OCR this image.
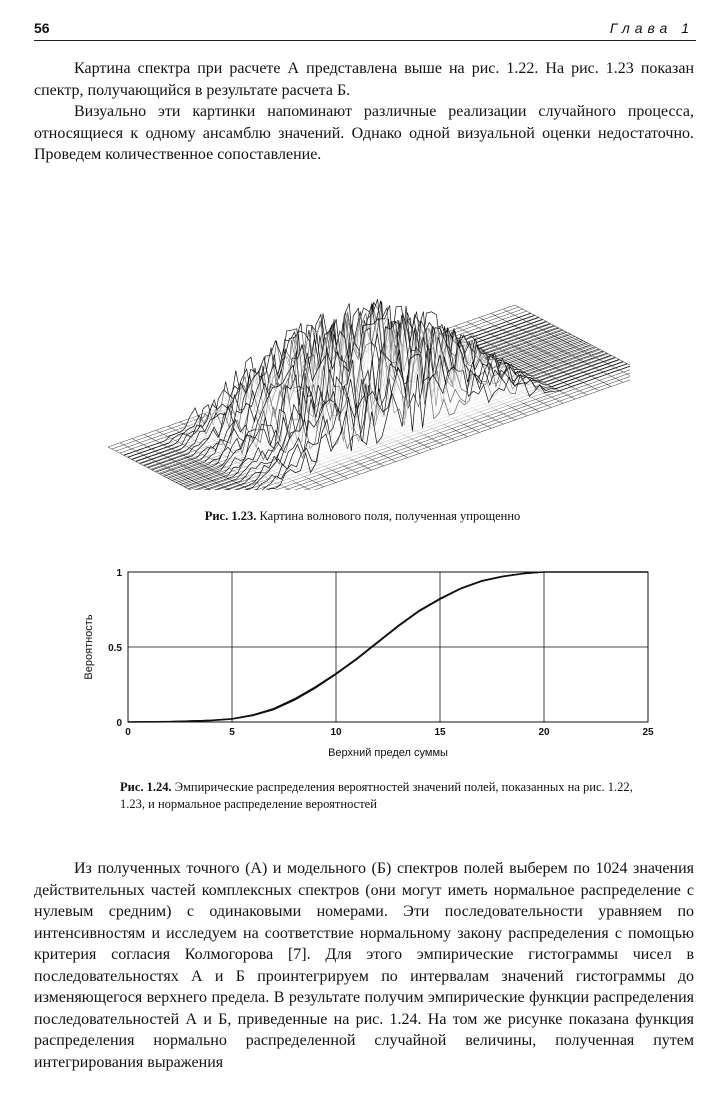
56	Глава 1

Картина спектра при расчете А представлена выше на рис. 1.22. На рис. 1.23 показан спектр, получающийся в результате расчета Б.

Визуально эти картинки напоминают различные реализации случайного процесса, относящиеся к одному ансамблю значений. Однако одной визуальной оценки недостаточно. Проведем количественное сопоставление.

Рис. 1.23. Картина волнового поля, полученная упрощенно

0	5	10	15	20	25
0
0.5
1
Верхний предел суммы
Вероятность

Рис. 1.24. Эмпирические распределения вероятностей значений полей, показанных на рис. 1.22, 1.23, и нормальное распределение вероятностей

Из полученных точного (А) и модельного (Б) спектров полей выберем по 1024 значения действительных частей комплексных спектров (они могут иметь нормальное распределение с нулевым средним) с одинаковыми номерами. Эти последовательности уравняем по интенсивностям и исследуем на соответствие нормальному закону распределения с помощью критерия согласия Колмогорова [7]. Для этого эмпирические гистограммы чисел в последовательностях А и Б проинтегрируем по интервалам значений гистограммы до изменяющегося верхнего предела. В результате получим эмпирические функции распределения последовательностей А и Б, приведенные на рис. 1.24. На том же рисунке показана функция распределения нормально распределенной случайной величины, полученная путем интегрирования выражения
